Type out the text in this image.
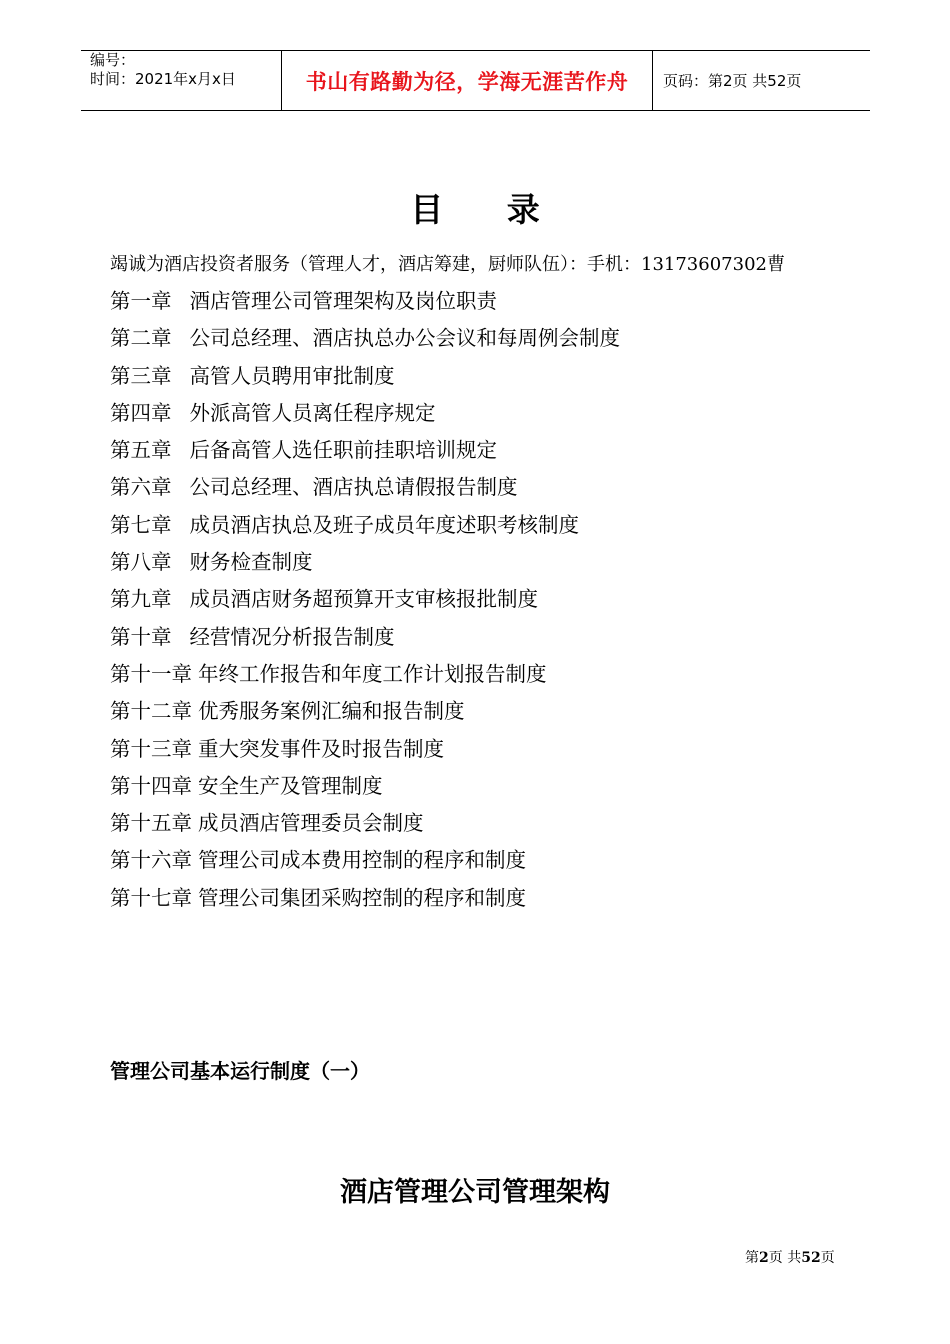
编号：
时间：2021年x月x日	书山有路勤为径，学海无涯苦作舟 页码：第2页 共52页
目 录
竭诚为酒店投资者服务（管理人才，酒店筹建，厨师队伍）：手机：13173607302曹
第一章 酒店管理公司管理架构及岗位职责
第二章 公司总经理、酒店执总办公会议和每周例会制度
第三章 高管人员聘用审批制度
第四章 外派高管人员离任程序规定
第五章 后备高管人选任职前挂职培训规定
第六章 公司总经理、酒店执总请假报告制度
第七章 成员酒店执总及班子成员年度述职考核制度
第八章 财务检查制度
第九章 成员酒店财务超预算开支审核报批制度
第十章 经营情况分析报告制度
第十一章 年终工作报告和年度工作计划报告制度
第十二章 优秀服务案例汇编和报告制度
第十三章 重大突发事件及时报告制度
第十四章 安全生产及管理制度
第十五章 成员酒店管理委员会制度
第十六章 管理公司成本费用控制的程序和制度
第十七章 管理公司集团采购控制的程序和制度
管理公司基本运行制度（一）
酒店管理公司管理架构
第2页 共52页
